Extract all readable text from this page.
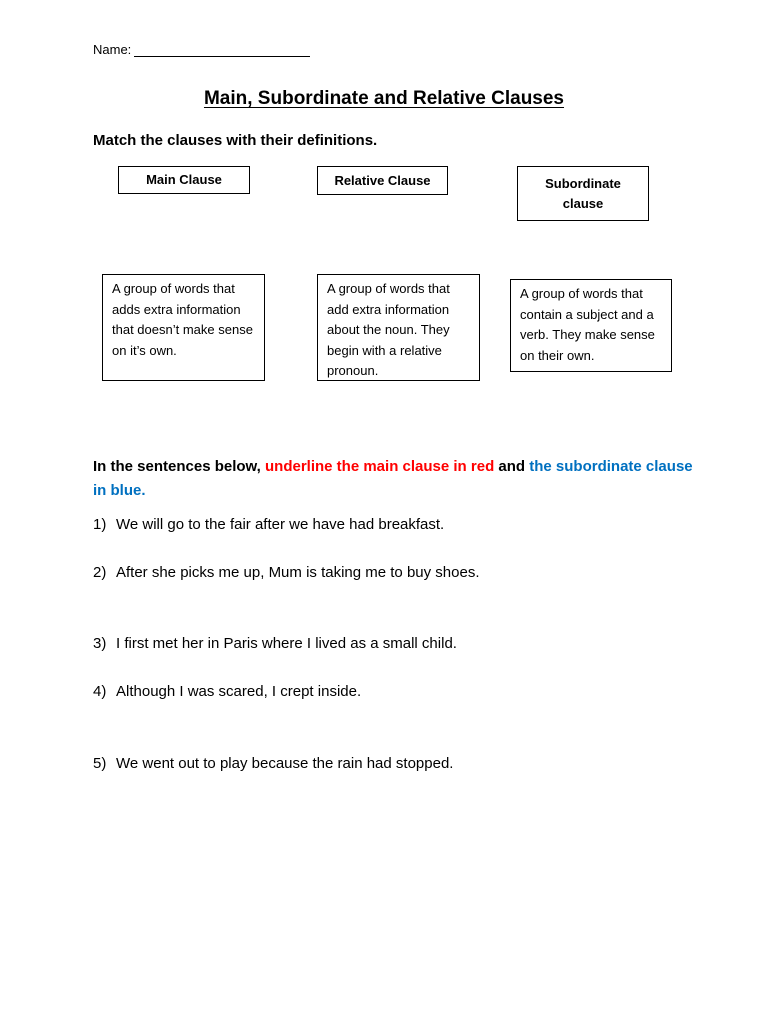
Name:
Main, Subordinate and Relative Clauses
Match the clauses with their definitions.
Main Clause	Relative Clause	Subordinate clause
A group of words that adds extra information that doesn’t make sense on it’s own.
A group of words that add extra information about the noun. They begin with a relative pronoun.
A group of words that contain a subject and a verb. They make sense on their own.
In the sentences below, underline the main clause in red and the subordinate clause in blue.
1) We will go to the fair after we have had breakfast.
2) After she picks me up, Mum is taking me to buy shoes.
3) I first met her in Paris where I lived as a small child.
4) Although I was scared, I crept inside.
5) We went out to play because the rain had stopped.
